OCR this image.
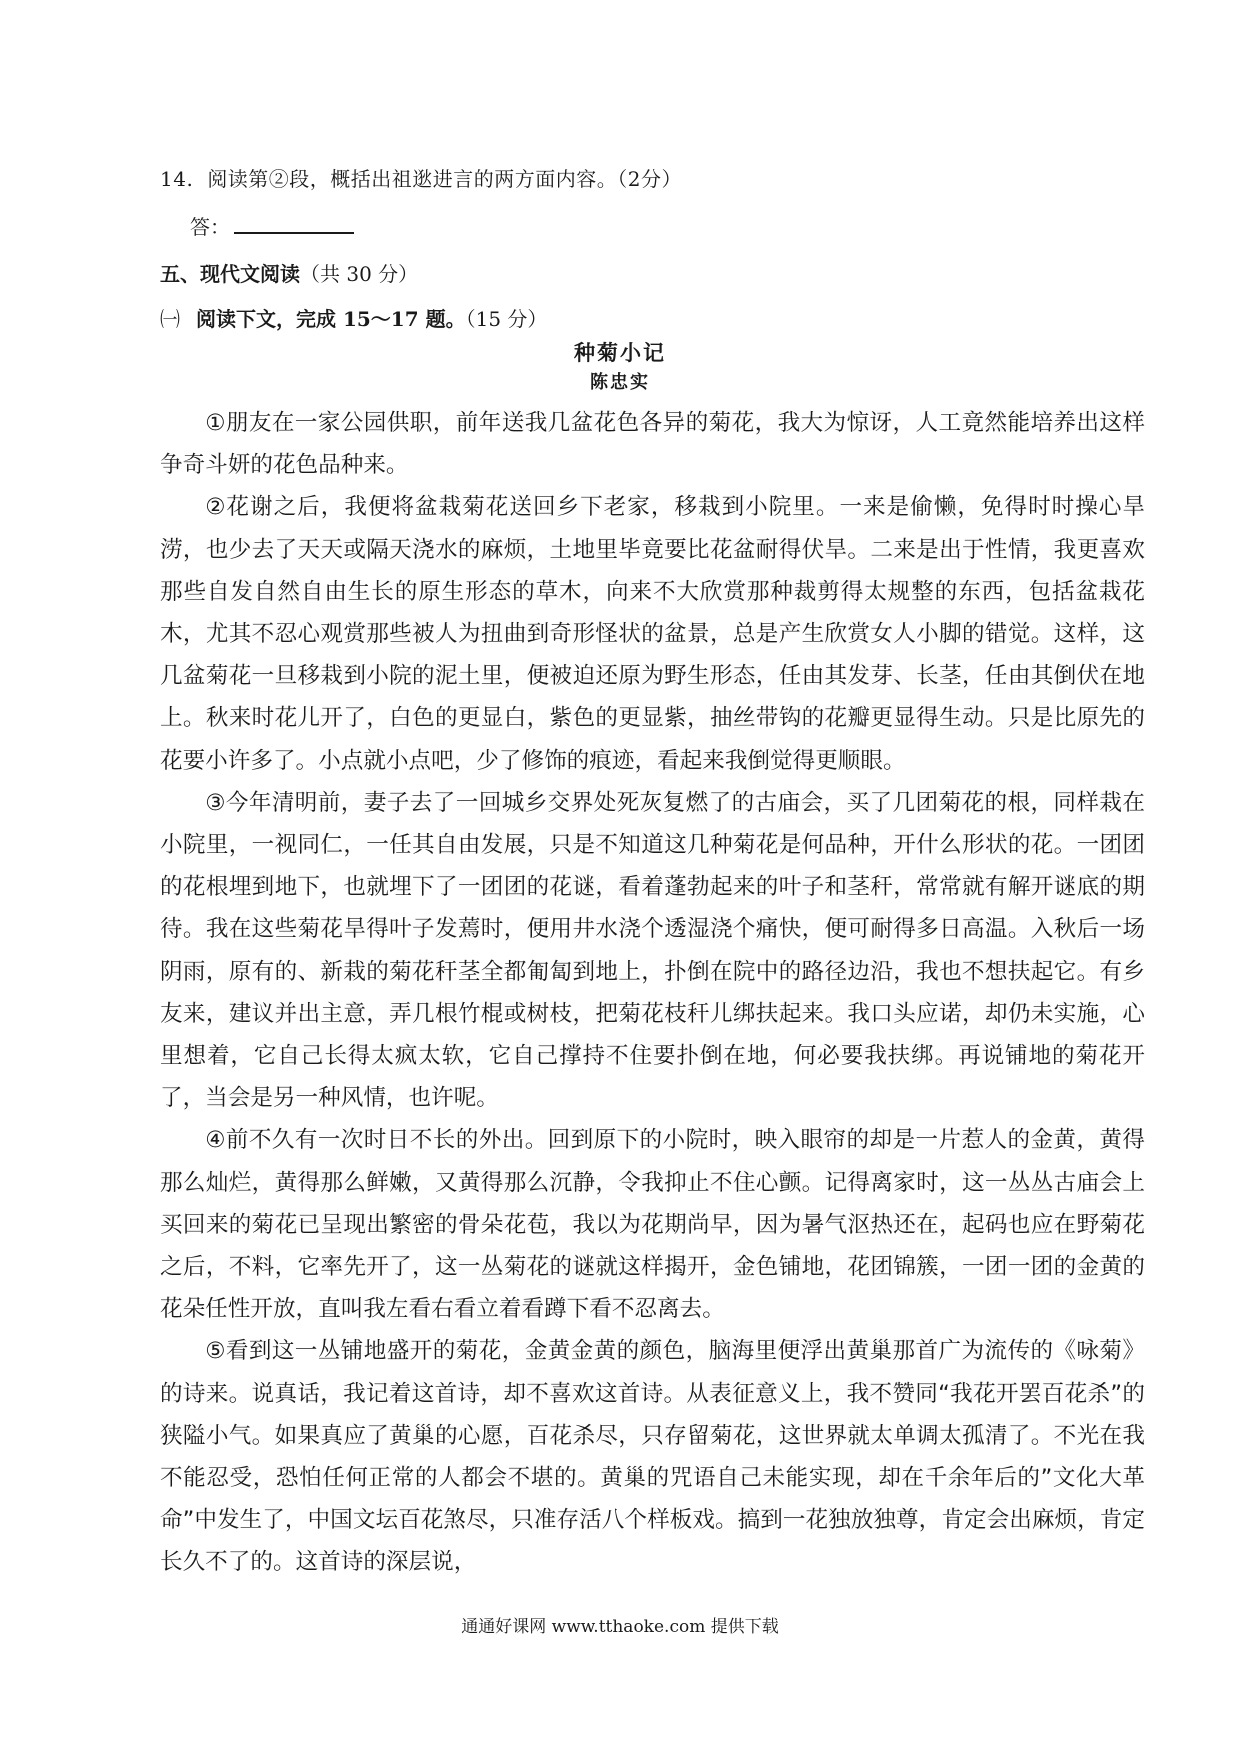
14. 阅读第②段，概括出祖逖进言的两方面内容。（2分）
答：
五、现代文阅读（共 30 分）
㈠ 阅读下文，完成 15～17 题。（15 分）
种菊小记
陈忠实

①朋友在一家公园供职，前年送我几盆花色各异的菊花，我大为惊讶，人工竟然能培养出这样争奇斗妍的花色品种来。

②花谢之后，我便将盆栽菊花送回乡下老家，移栽到小院里。一来是偷懒，免得时时操心旱涝，也少去了天天或隔天浇水的麻烦，土地里毕竟要比花盆耐得伏旱。二来是出于性情，我更喜欢那些自发自然自由生长的原生形态的草木，向来不大欣赏那种裁剪得太规整的东西，包括盆栽花木，尤其不忍心观赏那些被人为扭曲到奇形怪状的盆景，总是产生欣赏女人小脚的错觉。这样，这几盆菊花一旦移栽到小院的泥土里，便被迫还原为野生形态，任由其发芽、长茎，任由其倒伏在地上。秋来时花儿开了，白色的更显白，紫色的更显紫，抽丝带钩的花瓣更显得生动。只是比原先的花要小许多了。小点就小点吧，少了修饰的痕迹，看起来我倒觉得更顺眼。

③今年清明前，妻子去了一回城乡交界处死灰复燃了的古庙会，买了几团菊花的根，同样栽在小院里，一视同仁，一任其自由发展，只是不知道这几种菊花是何品种，开什么形状的花。一团团的花根埋到地下，也就埋下了一团团的花谜，看着蓬勃起来的叶子和茎秆，常常就有解开谜底的期待。我在这些菊花旱得叶子发蔫时，便用井水浇个透湿浇个痛快，便可耐得多日高温。入秋后一场阴雨，原有的、新栽的菊花秆茎全都匍匐到地上，扑倒在院中的路径边沿，我也不想扶起它。有乡友来，建议并出主意，弄几根竹棍或树枝，把菊花枝秆儿绑扶起来。我口头应诺，却仍未实施，心里想着，它自己长得太疯太软，它自己撑持不住要扑倒在地，何必要我扶绑。再说铺地的菊花开了，当会是另一种风情，也许呢。

④前不久有一次时日不长的外出。回到原下的小院时，映入眼帘的却是一片惹人的金黄，黄得那么灿烂，黄得那么鲜嫩，又黄得那么沉静，令我抑止不住心颤。记得离家时，这一丛丛古庙会上买回来的菊花已呈现出繁密的骨朵花苞，我以为花期尚早，因为暑气沤热还在，起码也应在野菊花之后，不料，它率先开了，这一丛菊花的谜就这样揭开，金色铺地，花团锦簇，一团一团的金黄的花朵任性开放，直叫我左看右看立着看蹲下看不忍离去。

⑤看到这一丛铺地盛开的菊花，金黄金黄的颜色，脑海里便浮出黄巢那首广为流传的《咏菊》的诗来。说真话，我记着这首诗，却不喜欢这首诗。从表征意义上，我不赞同“我花开罢百花杀”的狭隘小气。如果真应了黄巢的心愿，百花杀尽，只存留菊花，这世界就太单调太孤清了。不光在我不能忍受，恐怕任何正常的人都会不堪的。黄巢的咒语自己未能实现，却在千余年后的”文化大革命”中发生了，中国文坛百花煞尽，只准存活八个样板戏。搞到一花独放独尊，肯定会出麻烦，肯定长久不了的。这首诗的深层说，

通通好课网 www.tthaoke.com 提供下载
